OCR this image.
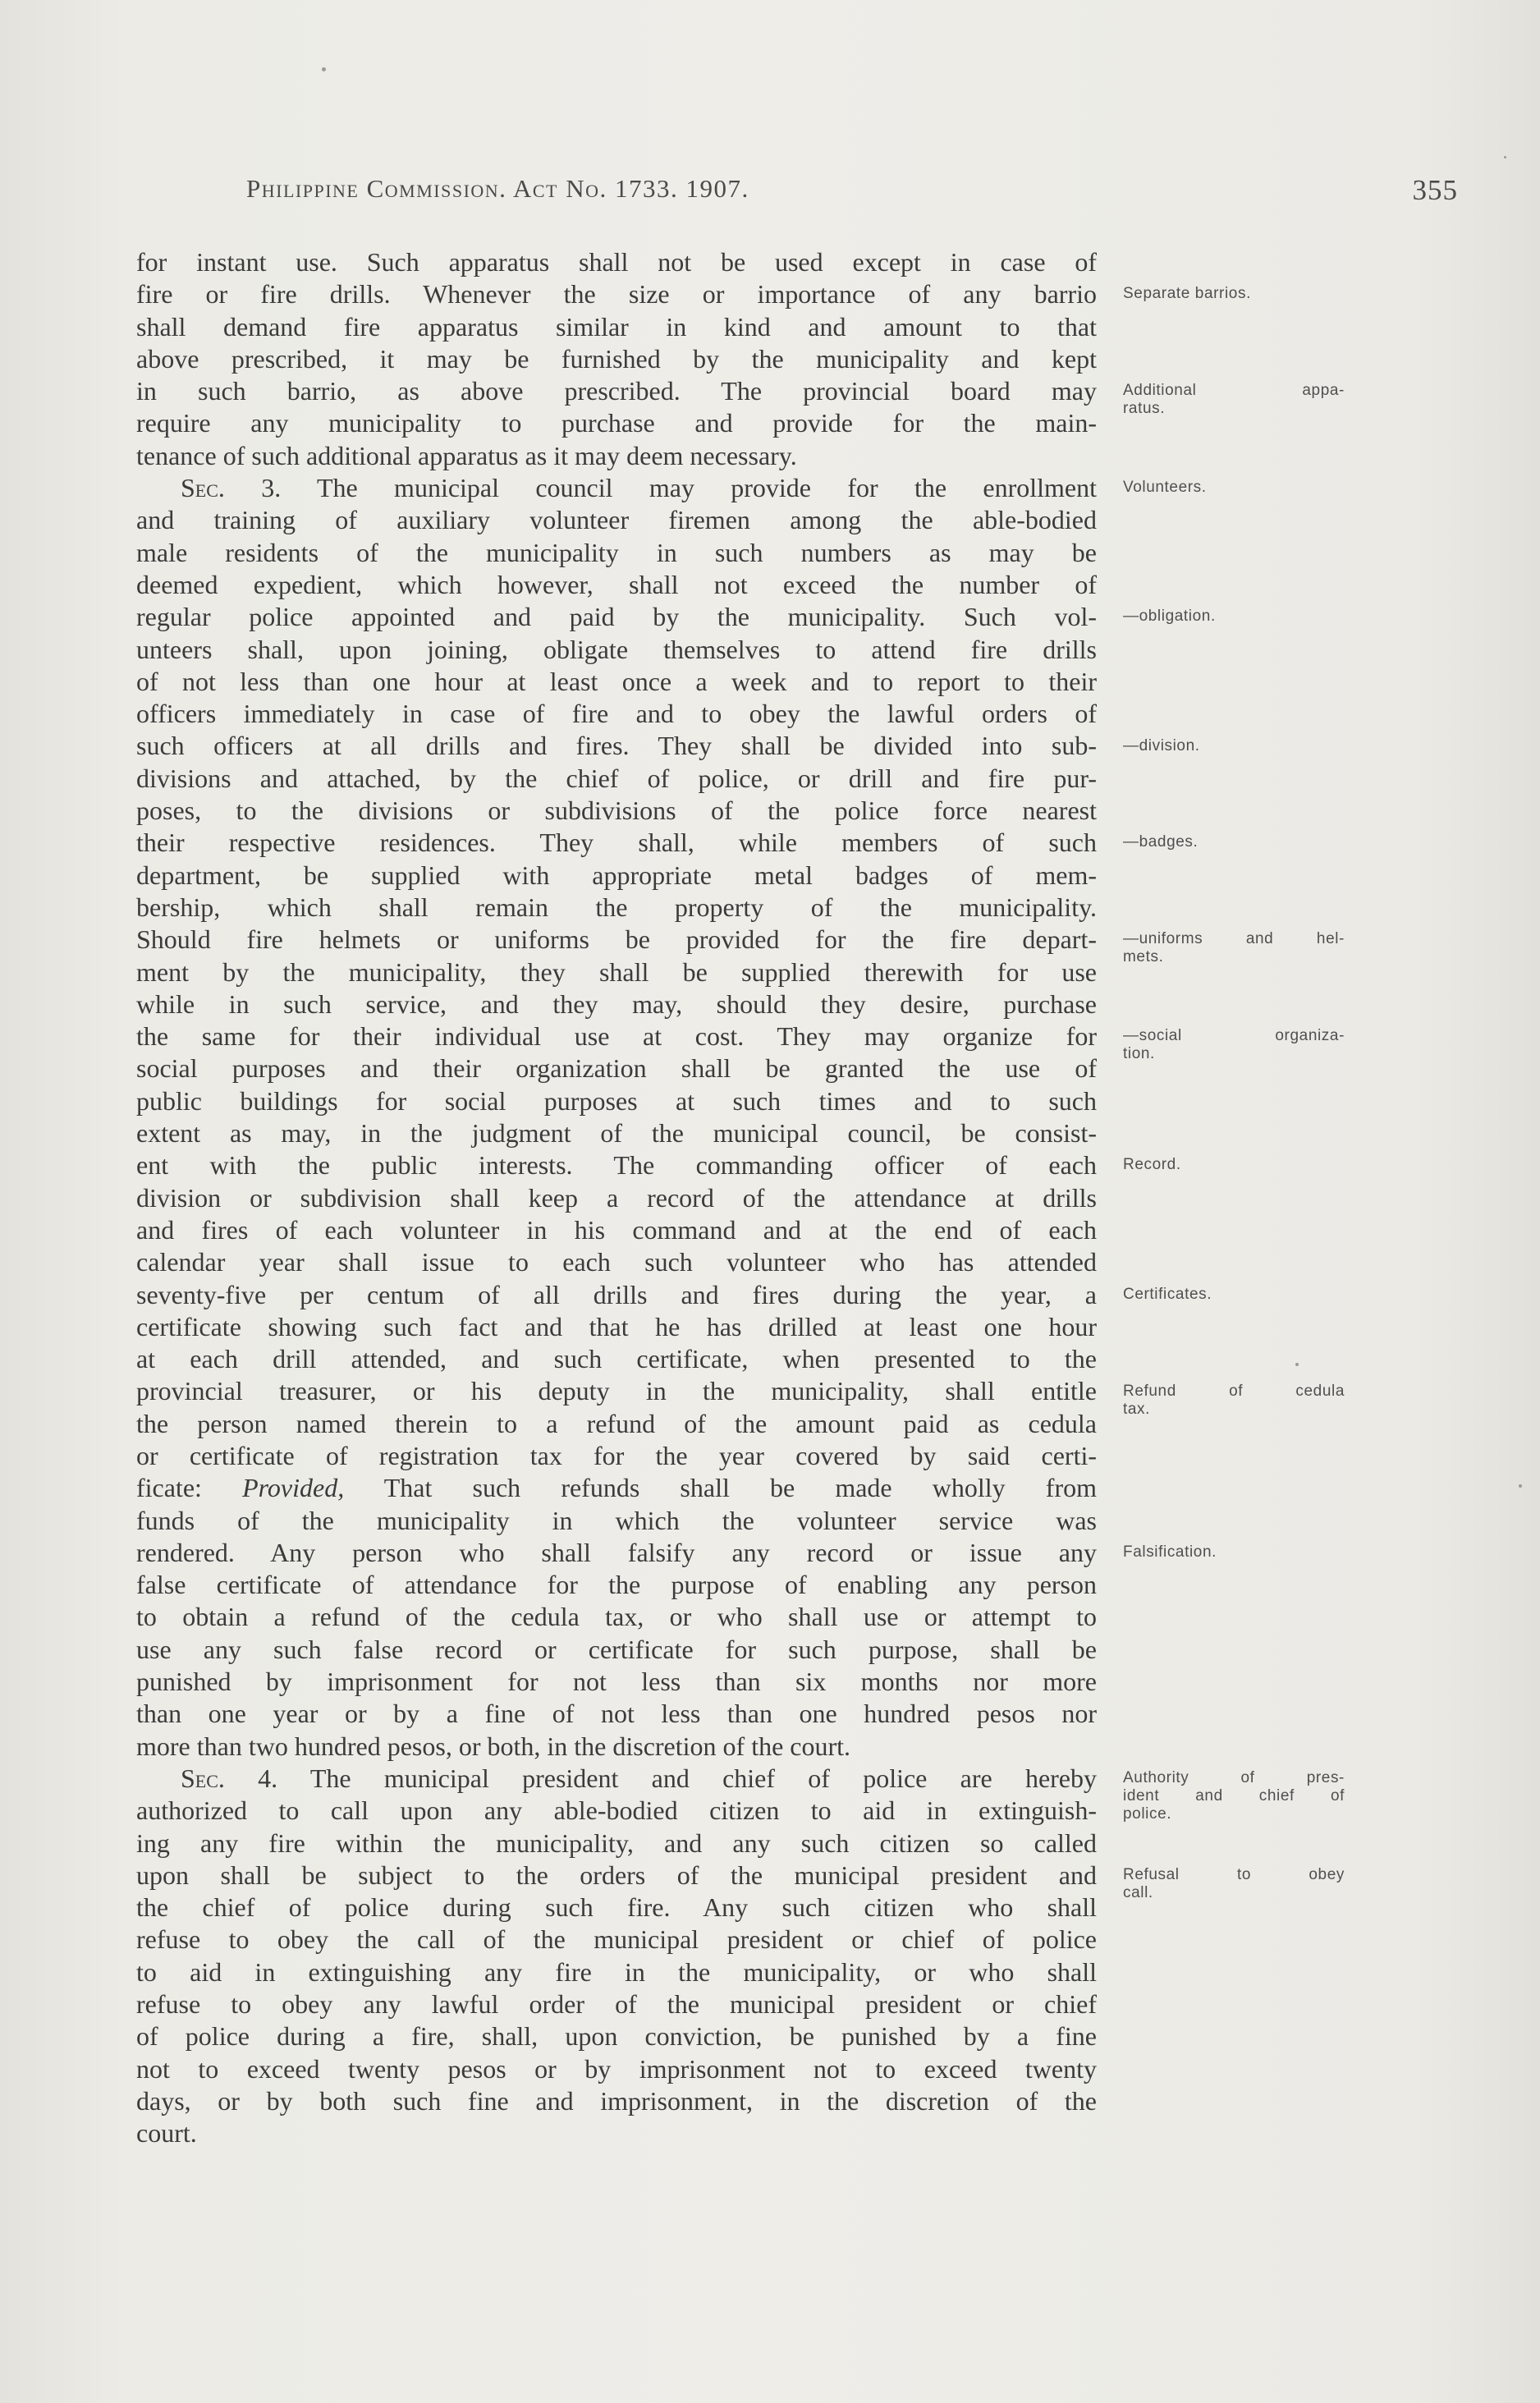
Philippine Commission. Act No. 1733. 1907.	355
for instant use. Such apparatus shall not be used except in case of
fire or fire drills. Whenever the size or importance of any barrio
shall demand fire apparatus similar in kind and amount to that
above prescribed, it may be furnished by the municipality and kept
in such barrio, as above prescribed. The provincial board may
require any municipality to purchase and provide for the main-
tenance of such additional apparatus as it may deem necessary.
Sec. 3. The municipal council may provide for the enrollment
and training of auxiliary volunteer firemen among the able-bodied
male residents of the municipality in such numbers as may be
deemed expedient, which however, shall not exceed the number of
regular police appointed and paid by the municipality. Such vol-
unteers shall, upon joining, obligate themselves to attend fire drills
of not less than one hour at least once a week and to report to their
officers immediately in case of fire and to obey the lawful orders of
such officers at all drills and fires. They shall be divided into sub-
divisions and attached, by the chief of police, or drill and fire pur-
poses, to the divisions or subdivisions of the police force nearest
their respective residences. They shall, while members of such
department, be supplied with appropriate metal badges of mem-
bership, which shall remain the property of the municipality.
Should fire helmets or uniforms be provided for the fire depart-
ment by the municipality, they shall be supplied therewith for use
while in such service, and they may, should they desire, purchase
the same for their individual use at cost. They may organize for
social purposes and their organization shall be granted the use of
public buildings for social purposes at such times and to such
extent as may, in the judgment of the municipal council, be consist-
ent with the public interests. The commanding officer of each
division or subdivision shall keep a record of the attendance at drills
and fires of each volunteer in his command and at the end of each
calendar year shall issue to each such volunteer who has attended
seventy-five per centum of all drills and fires during the year, a
certificate showing such fact and that he has drilled at least one hour
at each drill attended, and such certificate, when presented to the
provincial treasurer, or his deputy in the municipality, shall entitle
the person named therein to a refund of the amount paid as cedula
or certificate of registration tax for the year covered by said certi-
ficate: Provided, That such refunds shall be made wholly from
funds of the municipality in which the volunteer service was
rendered. Any person who shall falsify any record or issue any
false certificate of attendance for the purpose of enabling any person
to obtain a refund of the cedula tax, or who shall use or attempt to
use any such false record or certificate for such purpose, shall be
punished by imprisonment for not less than six months nor more
than one year or by a fine of not less than one hundred pesos nor
more than two hundred pesos, or both, in the discretion of the court.
Sec. 4. The municipal president and chief of police are hereby
authorized to call upon any able-bodied citizen to aid in extinguish-
ing any fire within the municipality, and any such citizen so called
upon shall be subject to the orders of the municipal president and
the chief of police during such fire. Any such citizen who shall
refuse to obey the call of the municipal president or chief of police
to aid in extinguishing any fire in the municipality, or who shall
refuse to obey any lawful order of the municipal president or chief
of police during a fire, shall, upon conviction, be punished by a fine
not to exceed twenty pesos or by imprisonment not to exceed twenty
days, or by both such fine and imprisonment, in the discretion of the
court.
Separate barrios.
Additional appa-
ratus.
Volunteers.
—obligation.
—division.
—badges.
—uniforms and hel-
mets.
—social organiza-
tion.
Record.
Certificates.
Refund of cedula
tax.
Falsification.
Authority of pres-
ident and chief of
police.
Refusal to obey
call.
